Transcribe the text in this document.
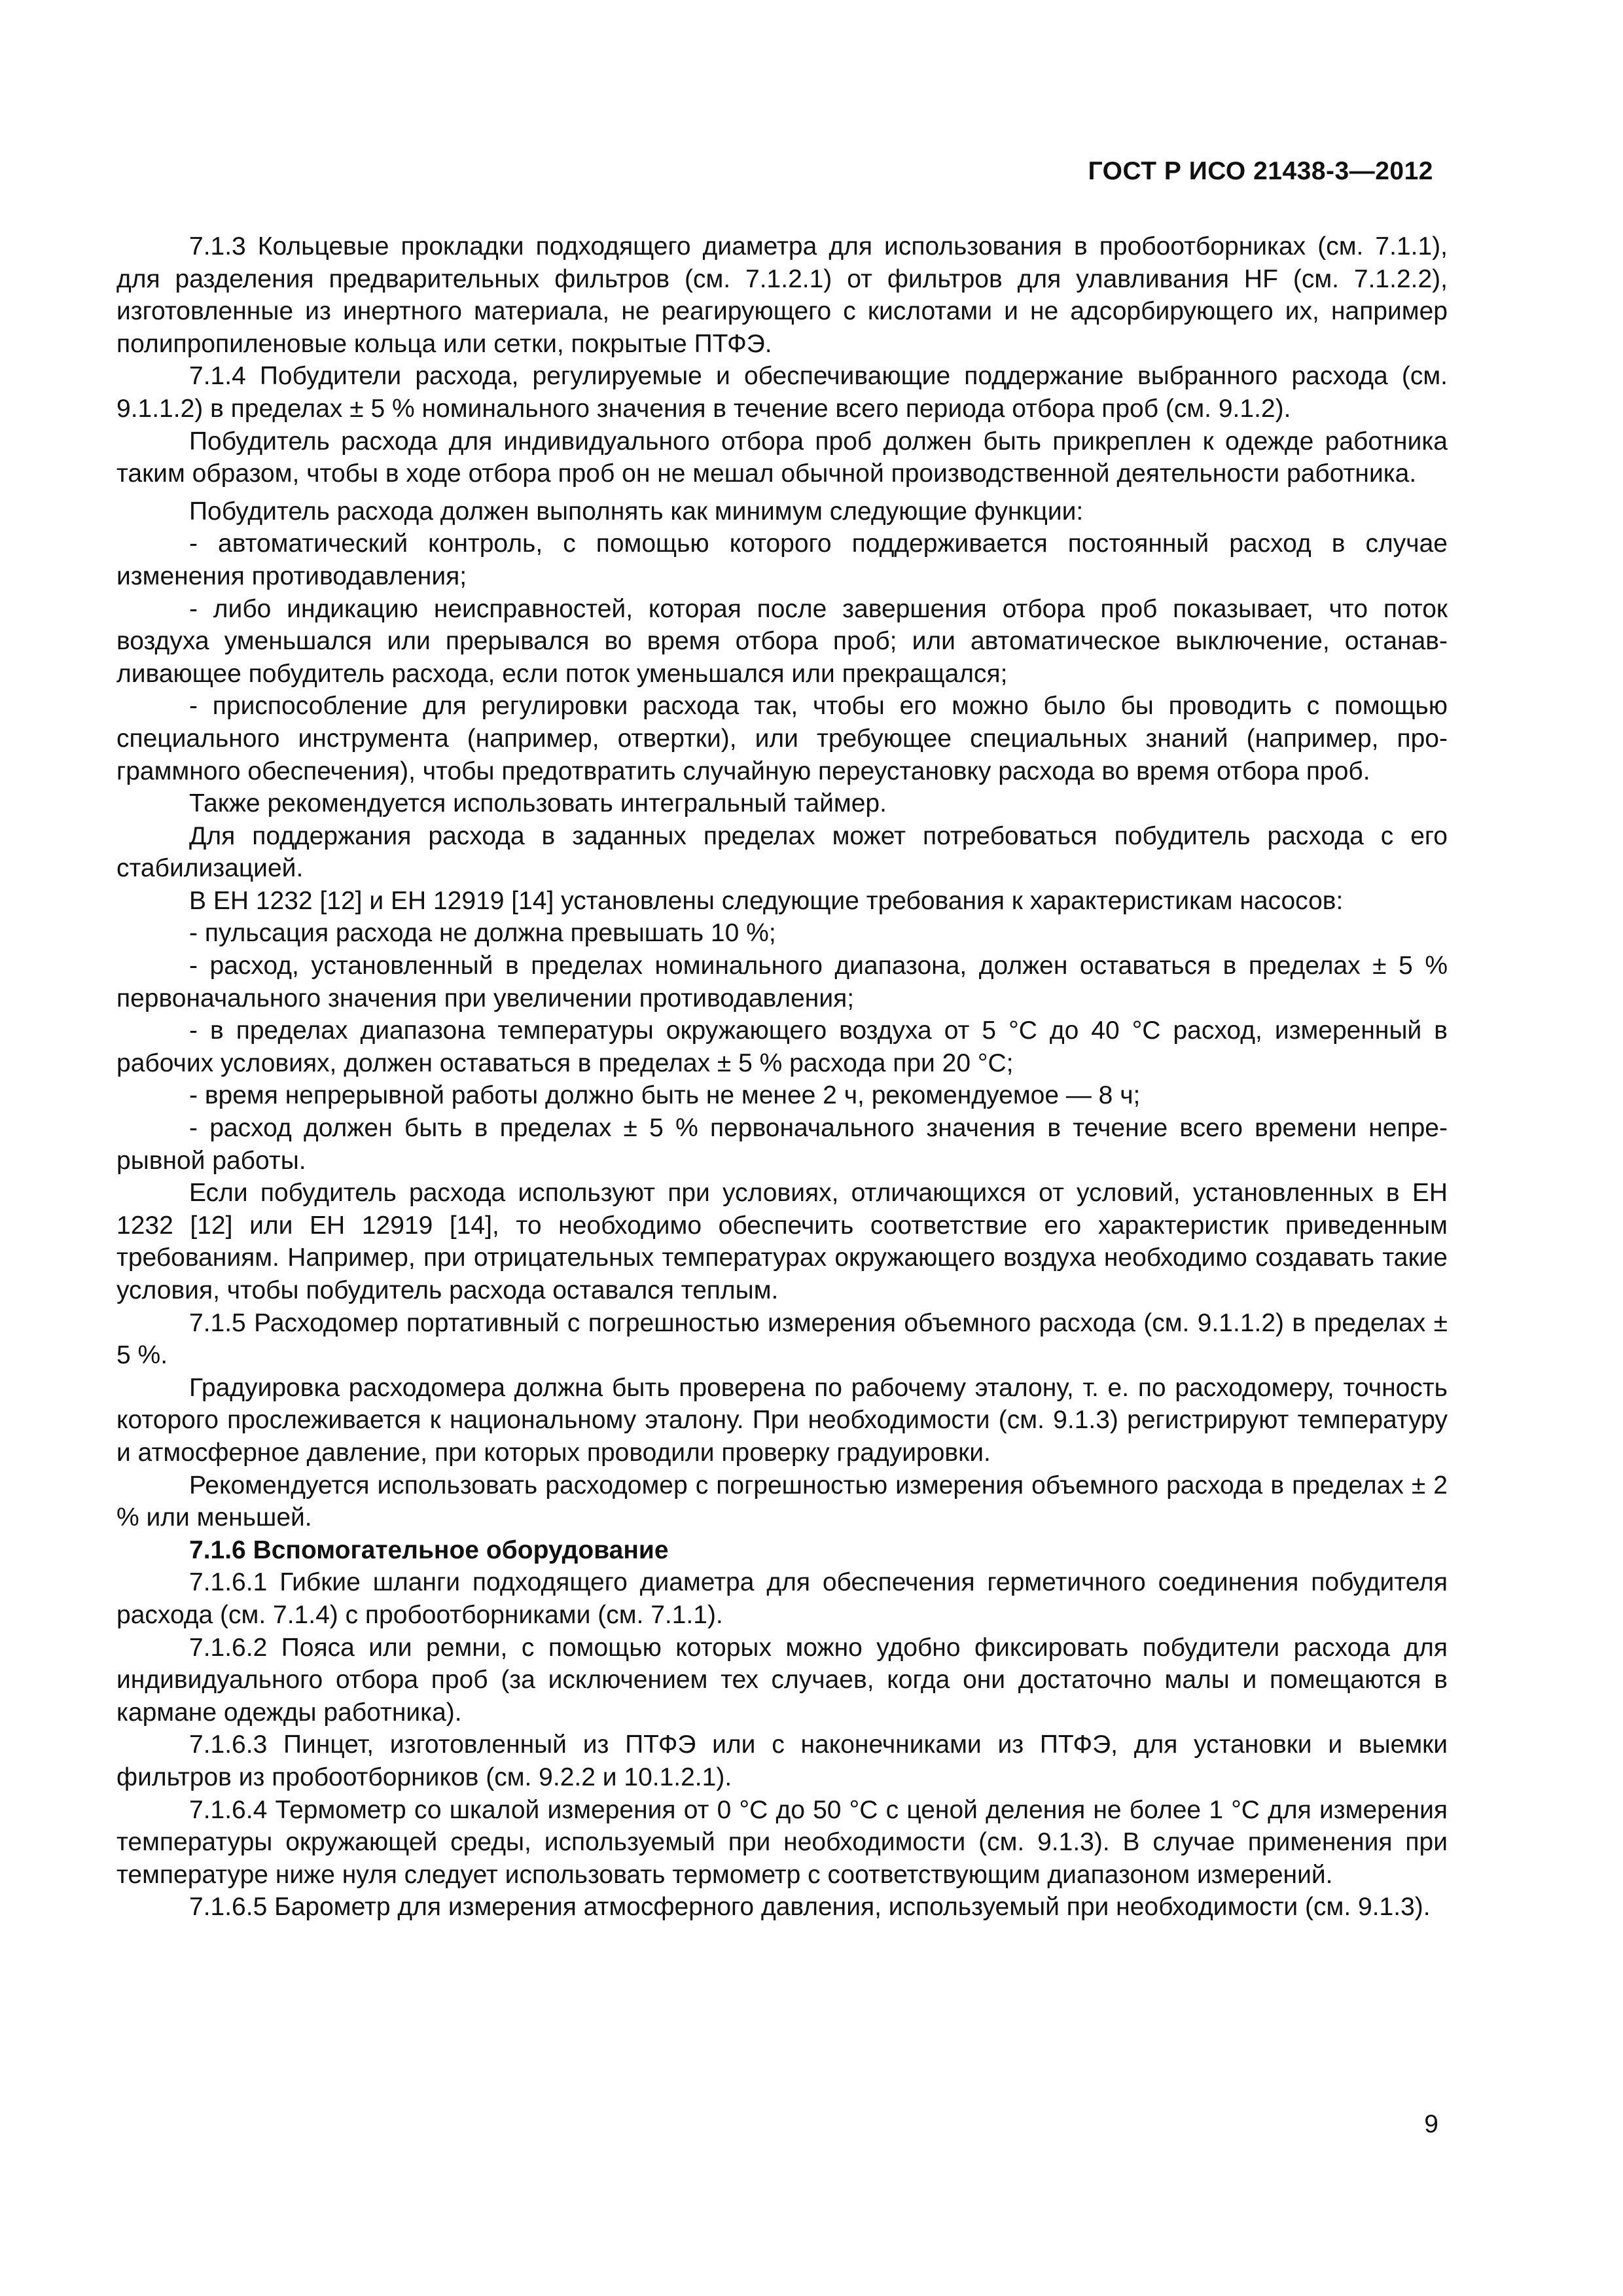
ГОСТ Р ИСО 21438-3—2012

7.1.3 Кольцевые прокладки подходящего диаметра для использования в пробоотборниках (см. 7.1.1), для разделения предварительных фильтров (см. 7.1.2.1) от фильтров для улавливания HF (см. 7.1.2.2), изготовленные из инертного материала, не реагирующего с кислотами и не адсорбирующего их, например полипропиленовые кольца или сетки, покрытые ПТФЭ.

7.1.4 Побудители расхода, регулируемые и обеспечивающие поддержание выбранного расхода (см. 9.1.1.2) в пределах ± 5 % номинального значения в течение всего периода отбора проб (см. 9.1.2).

Побудитель расхода для индивидуального отбора проб должен быть прикреплен к одежде работника таким образом, чтобы в ходе отбора проб он не мешал обычной производственной деятельности работника.

Побудитель расхода должен выполнять как минимум следующие функции:

- автоматический контроль, с помощью которого поддерживается постоянный расход в случае изменения противодавления;

- либо индикацию неисправностей, которая после завершения отбора проб показывает, что поток воздуха уменьшался или прерывался во время отбора проб; или автоматическое выключение, останавливающее побудитель расхода, если поток уменьшался или прекращался;

- приспособление для регулировки расхода так, чтобы его можно было бы проводить с помощью специального инструмента (например, отвертки), или требующее специальных знаний (например, программного обеспечения), чтобы предотвратить случайную переустановку расхода во время отбора проб.

Также рекомендуется использовать интегральный таймер.

Для поддержания расхода в заданных пределах может потребоваться побудитель расхода с его стабилизацией.

В ЕН 1232 [12] и ЕН 12919 [14] установлены следующие требования к характеристикам насосов:

- пульсация расхода не должна превышать 10 %;

- расход, установленный в пределах номинального диапазона, должен оставаться в пределах ± 5 % первоначального значения при увеличении противодавления;

- в пределах диапазона температуры окружающего воздуха от 5 °С до 40 °С расход, измеренный в рабочих условиях, должен оставаться в пределах ± 5 % расхода при 20 °С;

- время непрерывной работы должно быть не менее 2 ч, рекомендуемое — 8 ч;

- расход должен быть в пределах ± 5 % первоначального значения в течение всего времени непрерывной работы.

Если побудитель расхода используют при условиях, отличающихся от условий, установленных в ЕН 1232 [12] или ЕН 12919 [14], то необходимо обеспечить соответствие его характеристик приведенным требованиям. Например, при отрицательных температурах окружающего воздуха необходимо создавать такие условия, чтобы побудитель расхода оставался теплым.

7.1.5 Расходомер портативный с погрешностью измерения объемного расхода (см. 9.1.1.2) в пределах ± 5 %.

Градуировка расходомера должна быть проверена по рабочему эталону, т. е. по расходомеру, точность которого прослеживается к национальному эталону. При необходимости (см. 9.1.3) регистрируют температуру и атмосферное давление, при которых проводили проверку градуировки.

Рекомендуется использовать расходомер с погрешностью измерения объемного расхода в пределах ± 2 % или меньшей.

7.1.6 Вспомогательное оборудование

7.1.6.1 Гибкие шланги подходящего диаметра для обеспечения герметичного соединения побудителя расхода (см. 7.1.4) с пробоотборниками (см. 7.1.1).

7.1.6.2 Пояса или ремни, с помощью которых можно удобно фиксировать побудители расхода для индивидуального отбора проб (за исключением тех случаев, когда они достаточно малы и помещаются в кармане одежды работника).

7.1.6.3 Пинцет, изготовленный из ПТФЭ или с наконечниками из ПТФЭ, для установки и выемки фильтров из пробоотборников (см. 9.2.2 и 10.1.2.1).

7.1.6.4 Термометр со шкалой измерения от 0 °С до 50 °С с ценой деления не более 1 °С для измерения температуры окружающей среды, используемый при необходимости (см. 9.1.3). В случае применения при температуре ниже нуля следует использовать термометр с соответствующим диапазоном измерений.

7.1.6.5 Барометр для измерения атмосферного давления, используемый при необходимости (см. 9.1.3).

9
